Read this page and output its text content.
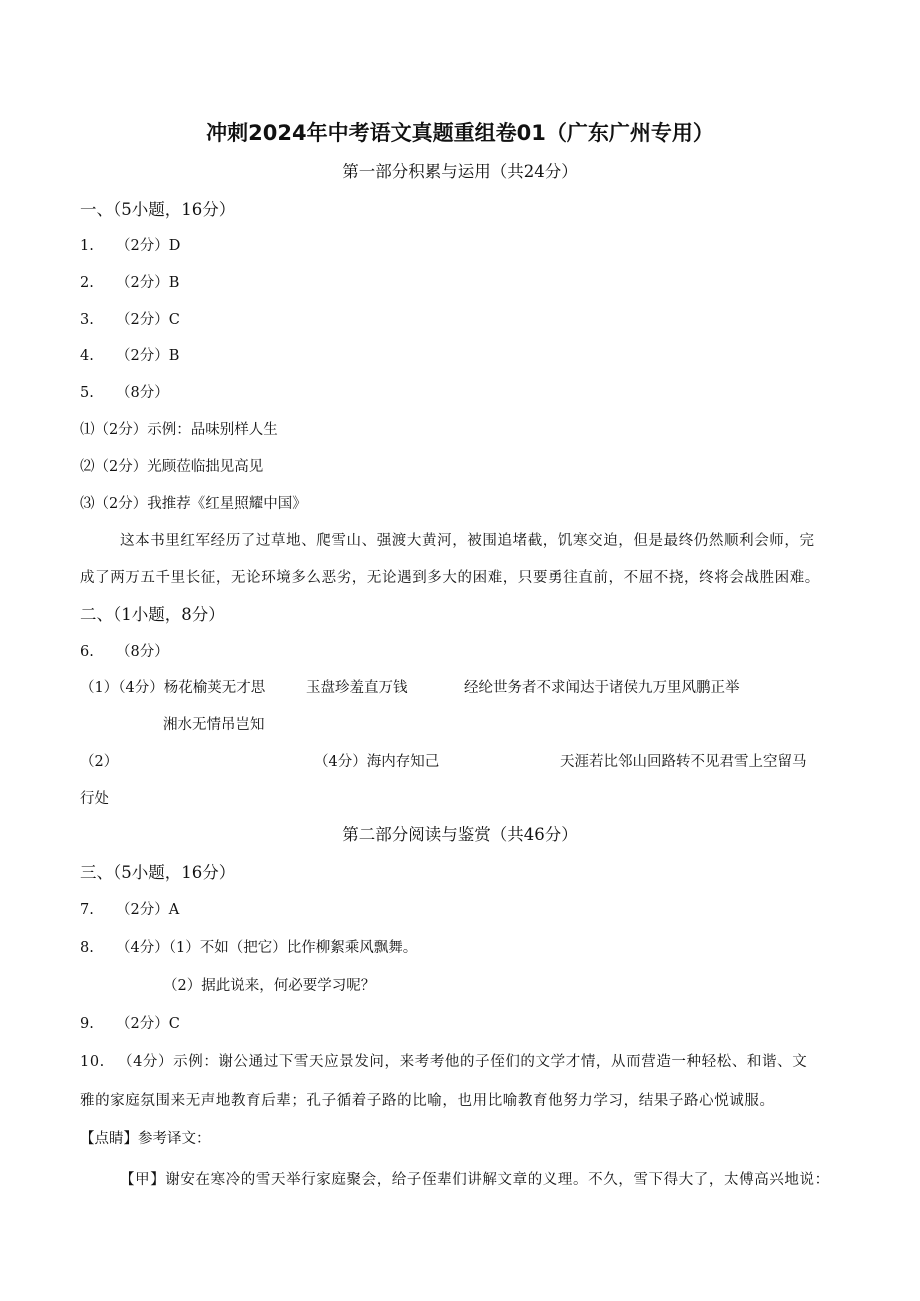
冲刺2024年中考语文真题重组卷01（广东广州专用）
第一部分积累与运用（共24分）
一、（5小题，16分）
1. （2分）D
2. （2分）B
3. （2分）C
4. （2分）B
5. （8分）
⑴（2分）示例：品味别样人生
⑵（2分）光顾莅临拙见高见
⑶（2分）我推荐《红星照耀中国》
这本书里红军经历了过草地、爬雪山、强渡大黄河，被围追堵截，饥寒交迫，但是最终仍然顺利会师，完
成了两万五千里长征，无论环境多么恶劣，无论遇到多大的困难，只要勇往直前，不屈不挠，终将会战胜困难。
二、（1小题，8分）
6. （8分）
（1）（4分）杨花榆荚无才思	玉盘珍羞直万钱	经纶世务者不求闻达于诸侯九万里风鹏正举
湘水无情吊岂知
（2）	（4分）海内存知己	天涯若比邻山回路转不见君雪上空留马
行处
第二部分阅读与鉴赏（共46分）
三、（5小题，16分）
7. （2分）A
8. （4分）（1）不如（把它）比作柳絮乘风飘舞。
（2）据此说来，何必要学习呢？
9. （2分）C
10. （4分）示例：谢公通过下雪天应景发问，来考考他的子侄们的文学才情，从而营造一种轻松、和谐、文
雅的家庭氛围来无声地教育后辈；孔子循着子路的比喻，也用比喻教育他努力学习，结果子路心悦诚服。
【点睛】参考译文：
【甲】谢安在寒冷的雪天举行家庭聚会，给子侄辈们讲解文章的义理。不久，雪下得大了，太傅高兴地说：
